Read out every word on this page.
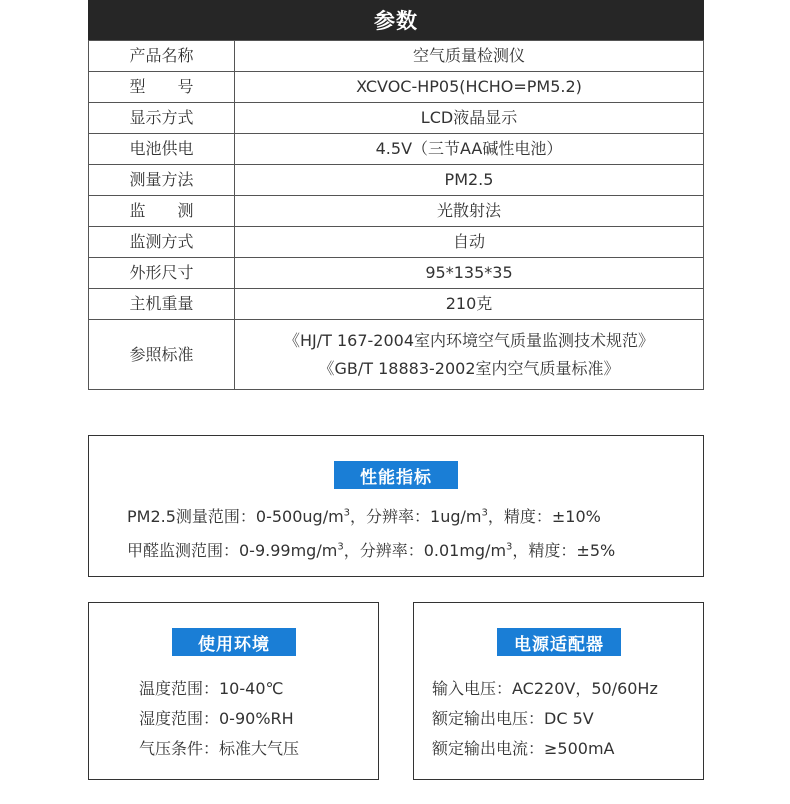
参数
产品名称	空气质量检测仪
型　　号	XCVOC-HP05(HCHO=PM5.2)
显示方式	LCD液晶显示
电池供电	4.5V（三节AA碱性电池）
测量方法	PM2.5
监　　测	光散射法
监测方式	自动
外形尺寸	95*135*35
主机重量	210克
参照标准	《HJ/T 167-2004室内环境空气质量监测技术规范》
《GB/T 18883-2002室内空气质量标准》
性能指标
PM2.5测量范围：$0-500ug/m^3$，分辨率：$1ug/m^3$，精度：±10%
甲醛监测范围：$0-9.99mg/m^3$，分辨率：$0.01mg/m^3$，精度：±5%
使用环境
温度范围：10-40℃
湿度范围：0-90%RH
气压条件：标准大气压
电源适配器
输入电压：AC220V，50/60Hz
额定输出电压：DC 5V
额定输出电流：≥500mA
